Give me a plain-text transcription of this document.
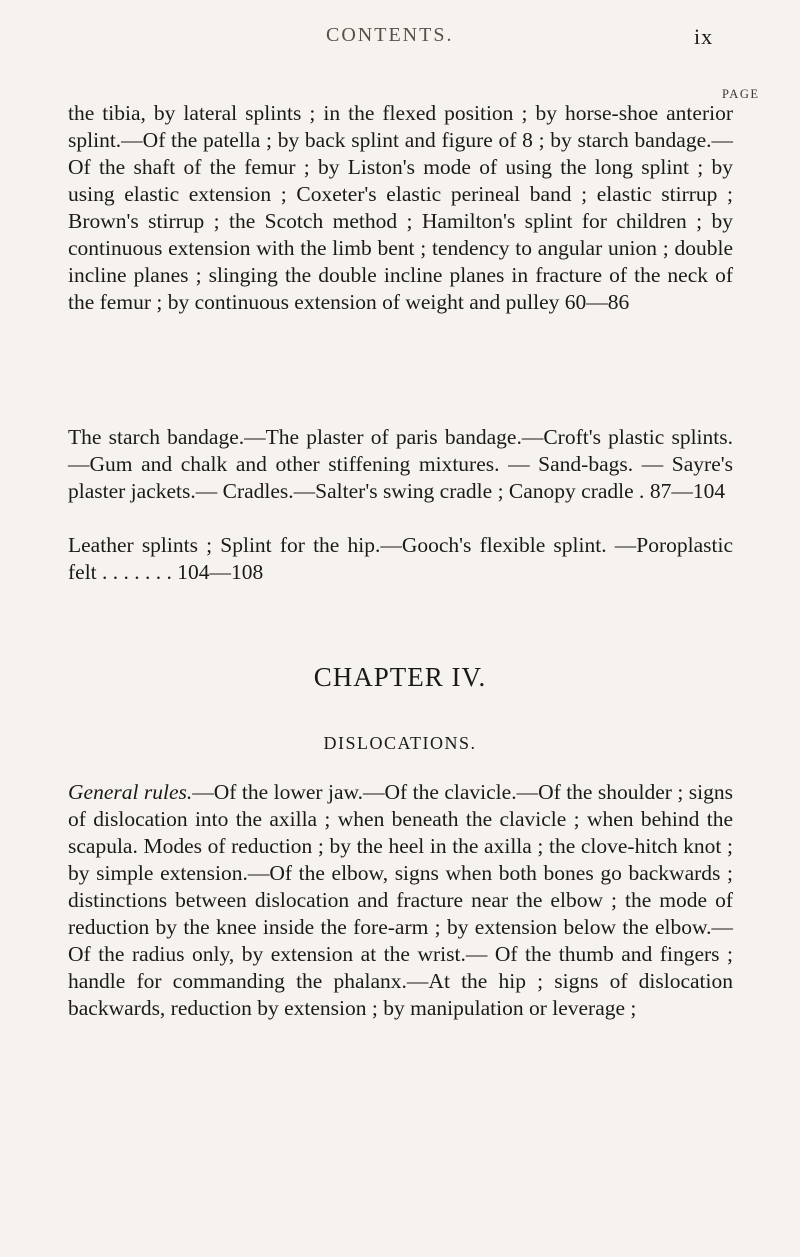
CONTENTS.	ix
PAGE

the tibia, by lateral splints ; in the flexed position ; by horse-shoe anterior splint.—Of the patella ; by back splint and figure of 8 ; by starch bandage.—Of the shaft of the femur ; by Liston's mode of using the long splint ; by using elastic extension ; Coxeter's elastic perineal band ; elastic stirrup ; Brown's stirrup ; the Scotch method ; Hamilton's splint for children ; by continuous extension with the limb bent ; tendency to angular union ; double incline planes ; slinging the double incline planes in fracture of the neck of the femur ; by continuous extension of weight and pulley 60—86

The starch bandage.—The plaster of paris bandage.—Croft's plastic splints.—Gum and chalk and other stiffening mixtures. — Sand-bags. — Sayre's plaster jackets.— Cradles.—Salter's swing cradle ; Canopy cradle . 87—104

Leather splints ; Splint for the hip.—Gooch's flexible splint. —Poroplastic felt . . . . . . . 104—108

CHAPTER IV.
DISLOCATIONS.

General rules.—Of the lower jaw.—Of the clavicle.—Of the shoulder ; signs of dislocation into the axilla ; when beneath the clavicle ; when behind the scapula. Modes of reduction ; by the heel in the axilla ; the clove-hitch knot ; by simple extension.—Of the elbow, signs when both bones go backwards ; distinctions between dislocation and fracture near the elbow ; the mode of reduction by the knee inside the fore-arm ; by extension below the elbow.—Of the radius only, by extension at the wrist.— Of the thumb and fingers ; handle for commanding the phalanx.—At the hip ; signs of dislocation backwards, reduction by extension ; by manipulation or leverage ;
